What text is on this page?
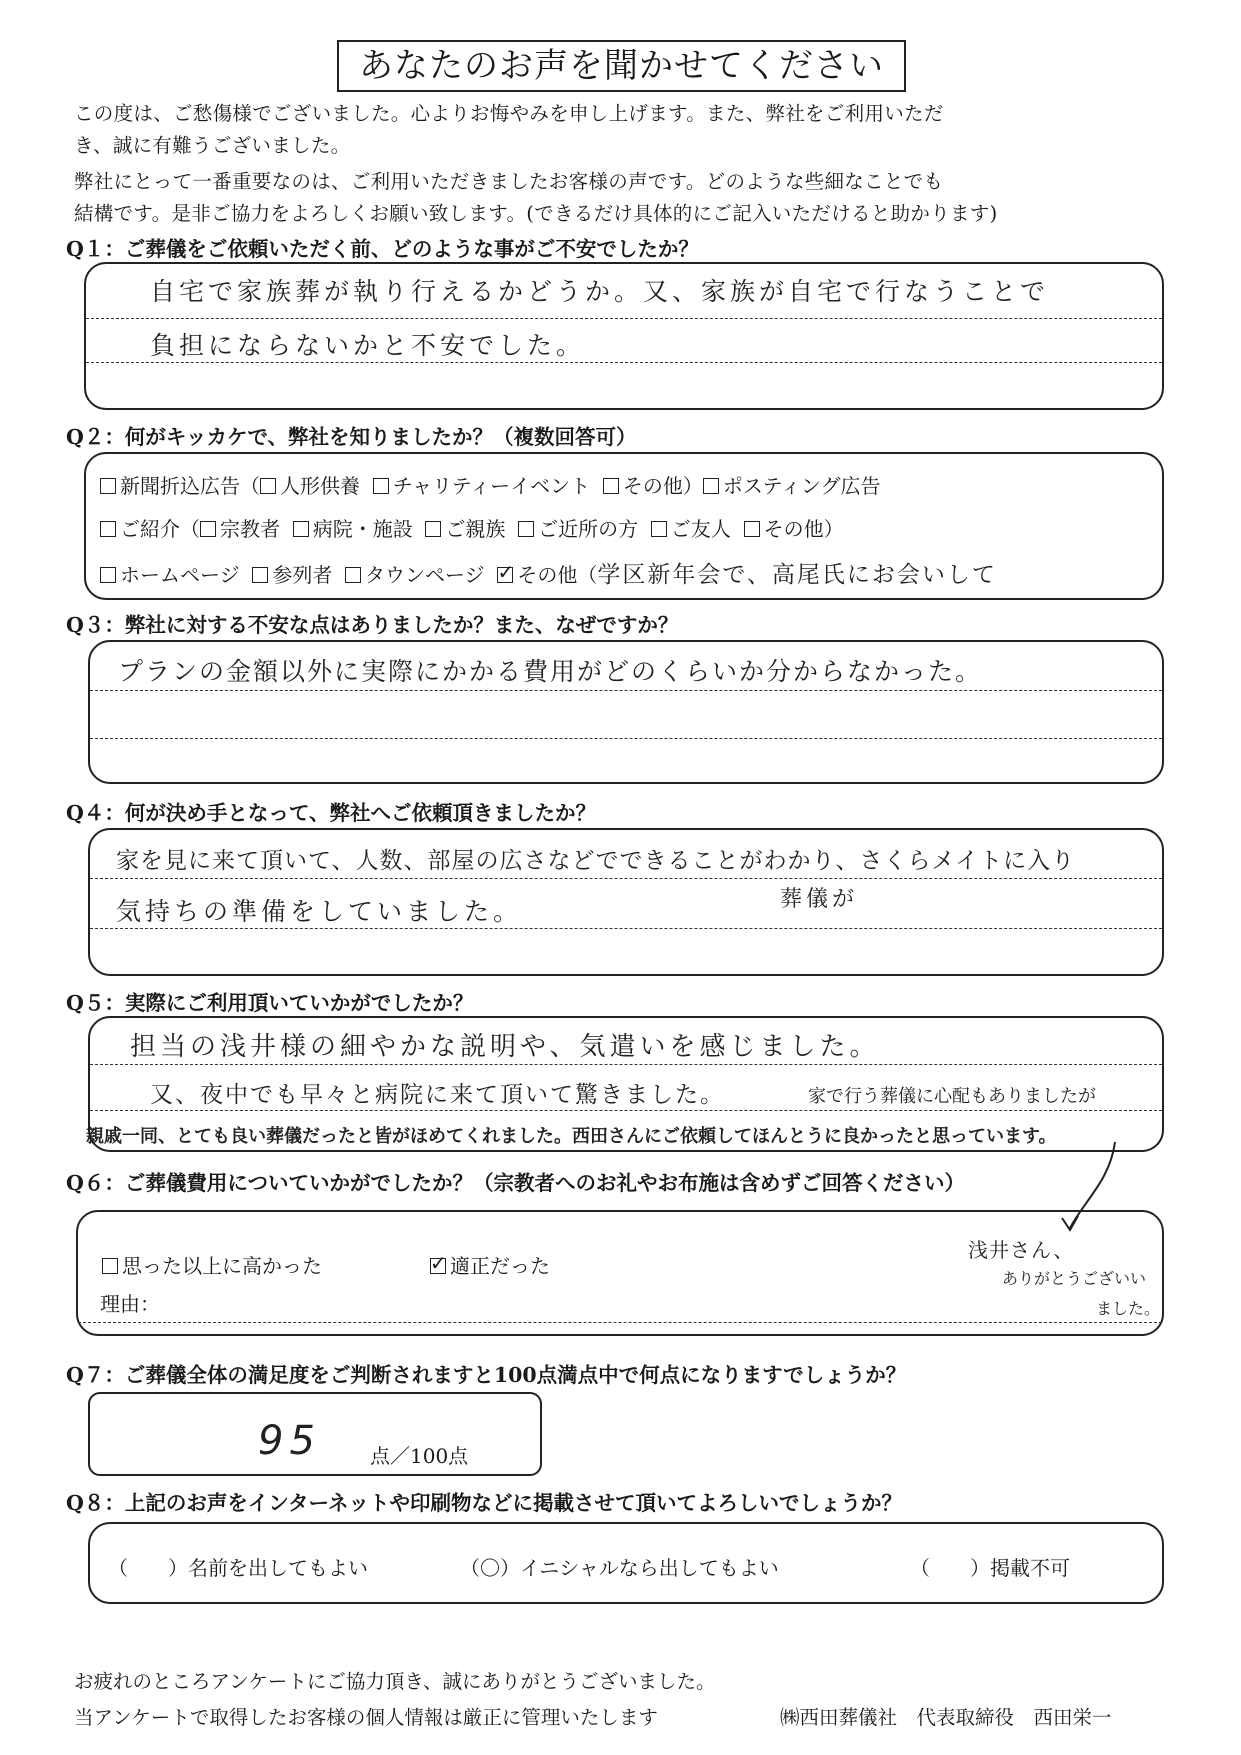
あなたのお声を聞かせてください
この度は、ご愁傷様でございました。心よりお悔やみを申し上げます。また、弊社をご利用いただ
き、誠に有難うございました。
弊社にとって一番重要なのは、ご利用いただきましたお客様の声です。どのような些細なことでも
結構です。是非ご協力をよろしくお願い致します。(できるだけ具体的にご記入いただけると助かります)
Q１：ご葬儀をご依頼いただく前、どのような事がご不安でしたか？
自宅で家族葬が執り行えるかどうか。又、家族が自宅で行なうことで
負担にならないかと不安でした。
Q２：何がキッカケで、弊社を知りましたか？（複数回答可）
新聞折込広告（ 人形供養 チャリティーイベント その他） ポスティング広告
ご紹介（ 宗教者 病院・施設 ご親族 ご近所の方 ご友人 その他）
ホームページ 参列者 タウンページ ✓ その他（学区新年会で、高尾氏にお会いして
Q３：弊社に対する不安な点はありましたか？また、なぜですか？
プランの金額以外に実際にかかる費用がどのくらいか分からなかった。
Q４：何が決め手となって、弊社へご依頼頂きましたか？
家を見に来て頂いて、人数、部屋の広さなどでできることがわかり、さくらメイトに入り
気持ちの準備をしていました。	葬儀が
Q５：実際にご利用頂いていかがでしたか？
担当の浅井様の細やかな説明や、気遣いを感じました。
又、夜中でも早々と病院に来て頂いて驚きました。	家で行う葬儀に心配もありましたが
親戚一同、とても良い葬儀だったと皆がほめてくれました。西田さんにご依頼してほんとうに良かったと思っています。
Q６：ご葬儀費用についていかがでしたか？（宗教者へのお礼やお布施は含めずご回答ください）
思った以上に高かった ✓	適正だった
理由：
浅井さん、
ありがとうございい
ました。
Q７：ご葬儀全体の満足度をご判断されますと100点満点中で何点になりますでしょうか？
95 点／100点
Q８：上記のお声をインターネットや印刷物などに掲載させて頂いてよろしいでしょうか？
（　　）名前を出してもよい	（〇）イニシャルなら出してもよい	（　　）掲載不可
お疲れのところアンケートにご協力頂き、誠にありがとうございました。
当アンケートで取得したお客様の個人情報は厳正に管理いたします	㈱西田葬儀社　代表取締役　西田栄一
